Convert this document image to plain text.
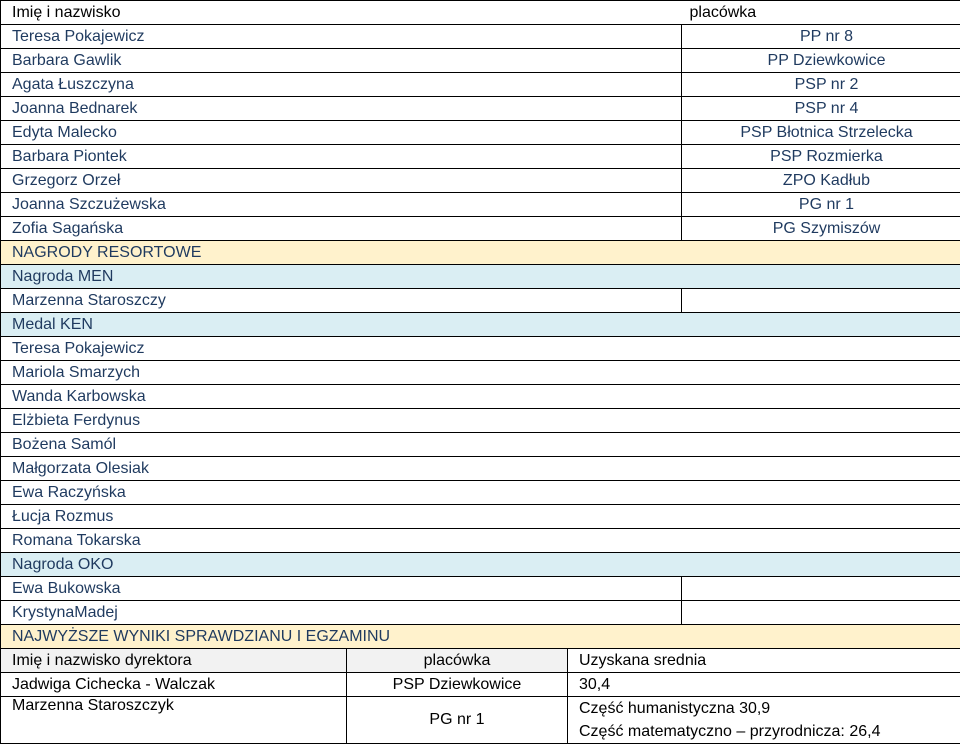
Imię i nazwisko	placówka
Teresa Pokajewicz	PP nr 8
Barbara Gawlik	PP Dziewkowice
Agata Łuszczyna	PSP nr 2
Joanna Bednarek	PSP nr 4
Edyta Malecko	PSP Błotnica Strzelecka
Barbara Piontek	PSP Rozmierka
Grzegorz Orzeł	ZPO Kadłub
Joanna Szczużewska	PG nr 1
Zofia Sagańska	PG Szymiszów
NAGRODY RESORTOWE	
Nagroda MEN	
Marzenna Staroszczy	
Medal KEN	
Teresa Pokajewicz	
Mariola Smarzych	
Wanda Karbowska	
Elżbieta Ferdynus	
Bożena Samól	
Małgorzata Olesiak	
Ewa Raczyńska	
Łucja Rozmus	
Romana Tokarska	
Nagroda OKO	
Ewa Bukowska	
KrystynaMadej	
NAJWYŻSZE WYNIKI SPRAWDZIANU I EGZAMINU	
Imię i nazwisko dyrektora	placówka	Uzyskana srednia
Jadwiga Cichecka - Walczak	PSP Dziewkowice	30,4
Marzenna Staroszczyk	PG nr 1	Część humanistyczna 30,9
Część matematyczno – przyrodnicza: 26,4
